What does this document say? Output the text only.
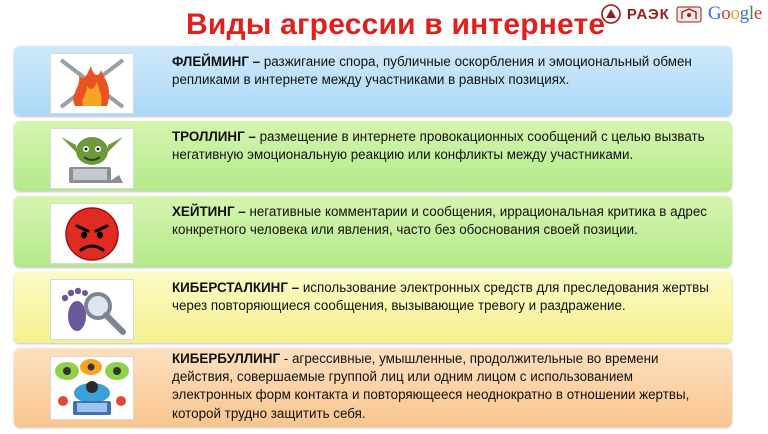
Виды агрессии в интернете РАЭК Google
ФЛЕЙМИНГ – разжигание спора, публичные оскорбления и эмоциональный обмен репликами в интернете между участниками в равных позициях.
ТРОЛЛИНГ – размещение в интернете провокационных сообщений с целью вызвать негативную эмоциональную реакцию или конфликты между участниками.
ХЕЙТИНГ – негативные комментарии и сообщения, иррациональная критика в адрес конкретного человека или явления, часто без обоснования своей позиции.
КИБЕРСТАЛКИНГ – использование электронных средств для преследования жертвы через повторяющиеся сообщения, вызывающие тревогу и раздражение.
КИБЕРБУЛЛИНГ - агрессивные, умышленные, продолжительные во времени действия, совершаемые группой лиц или одним лицом с использованием электронных форм контакта и повторяющееся неоднократно в отношении жертвы, которой трудно защитить себя.
